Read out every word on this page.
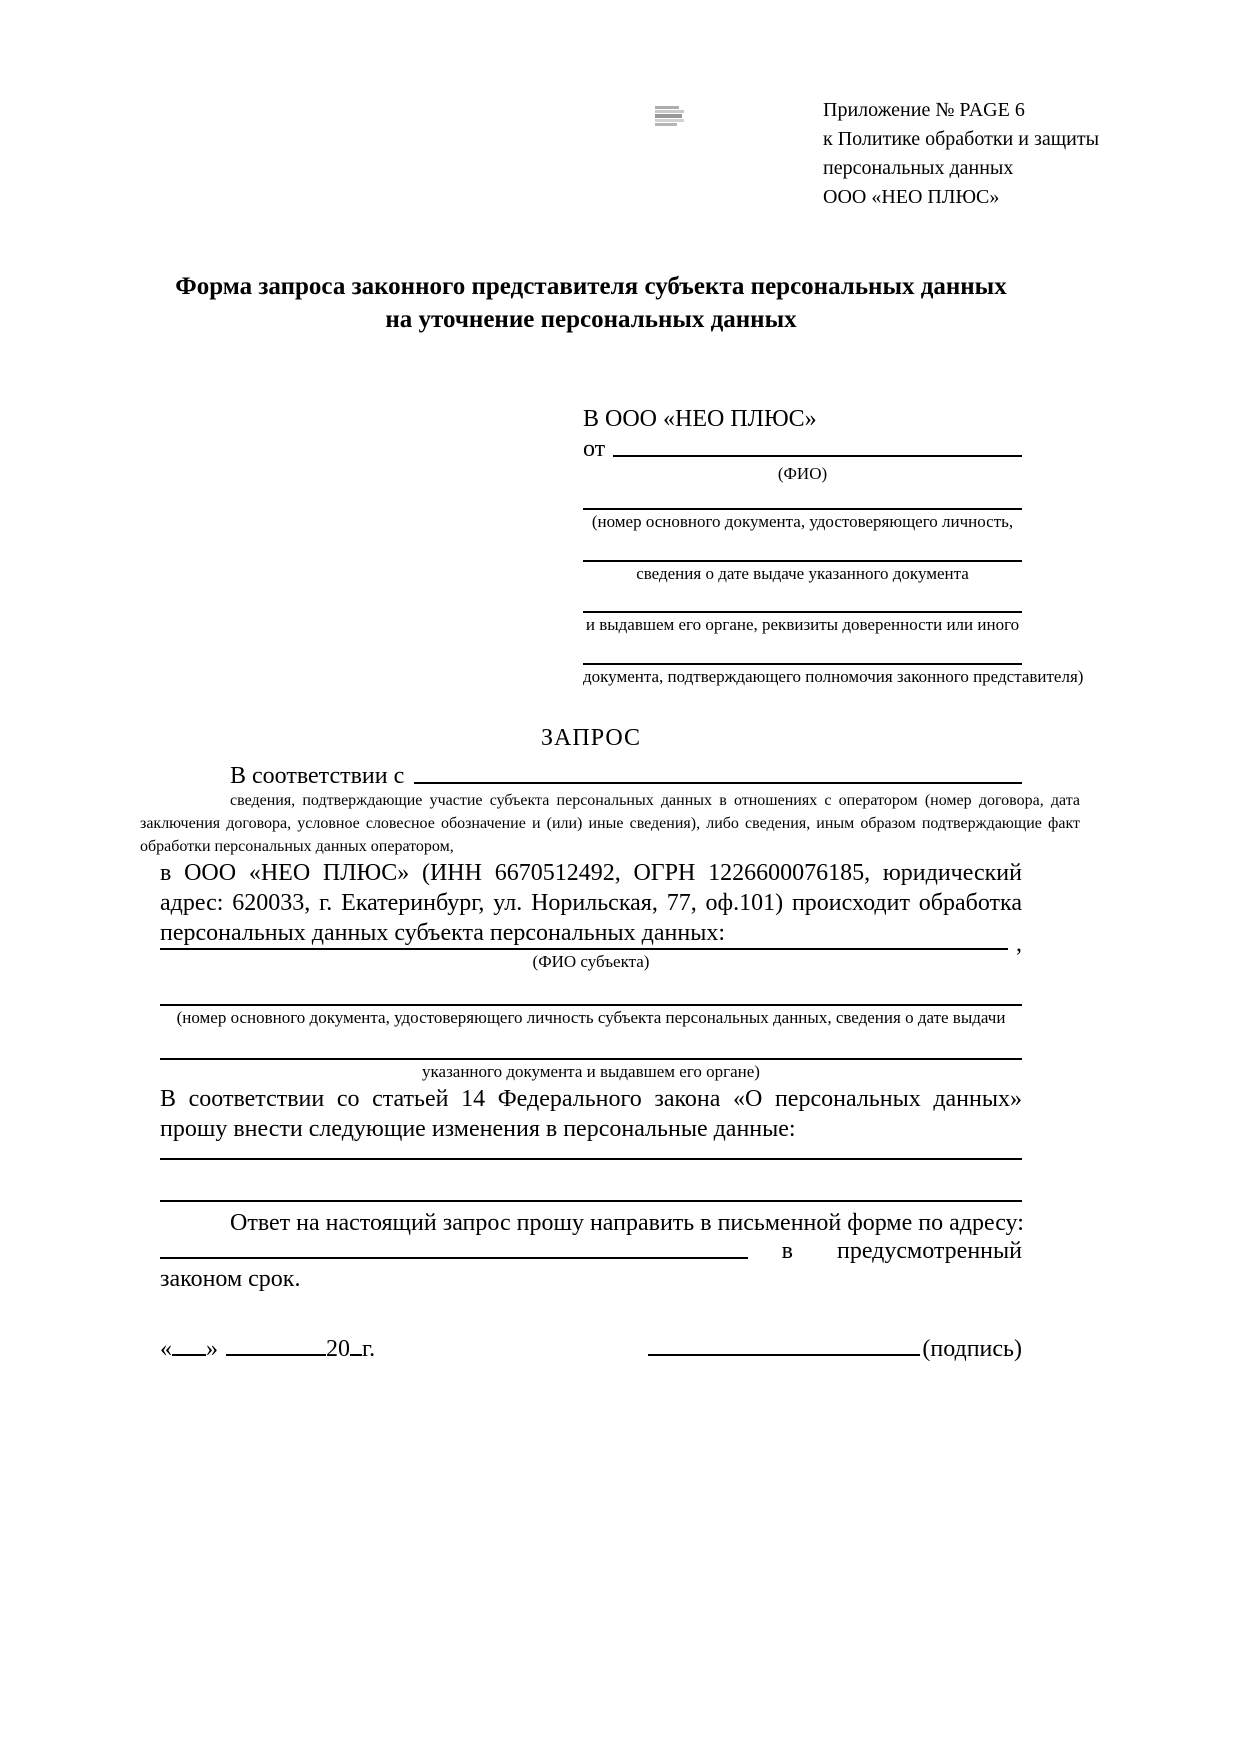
Приложение № PAGE 6
к Политике обработки и защиты
персональных данных
ООО «НЕО ПЛЮС»
Форма запроса законного представителя субъекта персональных данных
на уточнение персональных данных
В ООО «НЕО ПЛЮС»
от
(ФИО)
(номер основного документа, удостоверяющего личность,
сведения о дате выдаче указанного документа
и выдавшем его органе, реквизиты доверенности или иного
документа, подтверждающего полномочия законного представителя)
ЗАПРОС
В соответствии с
сведения, подтверждающие участие субъекта персональных данных в отношениях с оператором (номер договора, дата заключения договора, условное словесное обозначение и (или) иные сведения), либо сведения, иным образом подтверждающие факт обработки персональных данных оператором,
в ООО «НЕО ПЛЮС» (ИНН 6670512492, ОГРН 1226600076185, юридический адрес: 620033, г. Екатеринбург, ул. Норильская, 77, оф.101) происходит обработка персональных данных субъекта персональных данных:	,
(ФИО субъекта)
(номер основного документа, удостоверяющего личность субъекта персональных данных, сведения о дате выдачи
указанного документа и выдавшем его органе)
В соответствии со статьей 14 Федерального закона «О персональных данных» прошу внести следующие изменения в персональные данные:
Ответ на настоящий запрос прошу направить в письменной форме по адресу:
в предусмотренный
законом срок.
« »	20 г.	(подпись)
